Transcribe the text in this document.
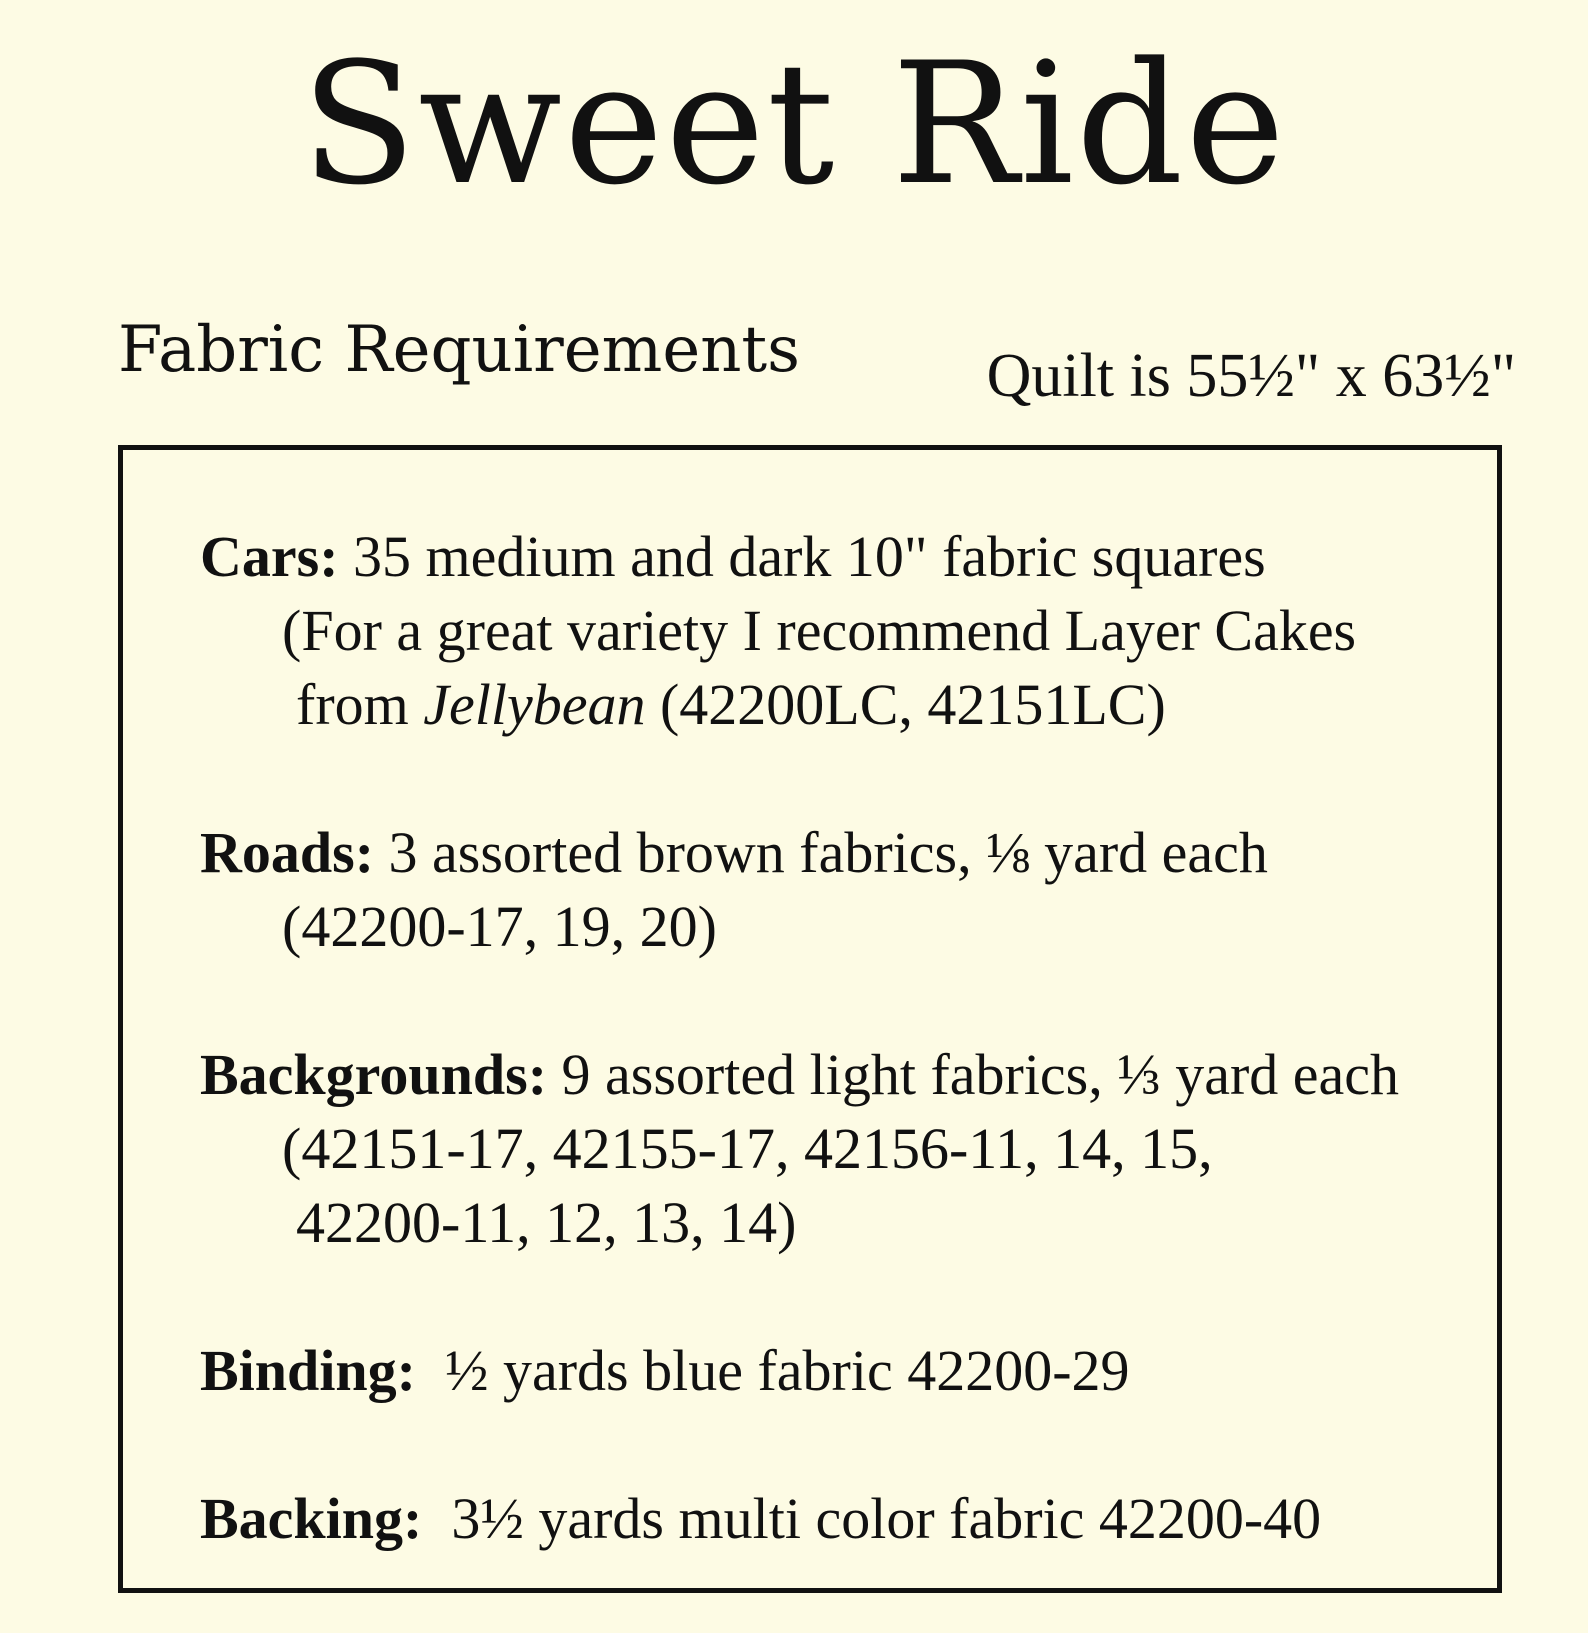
Sweet Ride
Fabric Requirements	Quilt is 55½" x 63½"

Cars: 35 medium and dark 10" fabric squares
(For a great variety I recommend Layer Cakes
from Jellybean (42200LC, 42151LC)
Roads: 3 assorted brown fabrics, ⅛ yard each
(42200-17, 19, 20)
Backgrounds: 9 assorted light fabrics, ⅓ yard each
(42151-17, 42155-17, 42156-11, 14, 15,
42200-11, 12, 13, 14)
Binding:  ½ yards blue fabric 42200-29
Backing:  3½ yards multi color fabric 42200-40
